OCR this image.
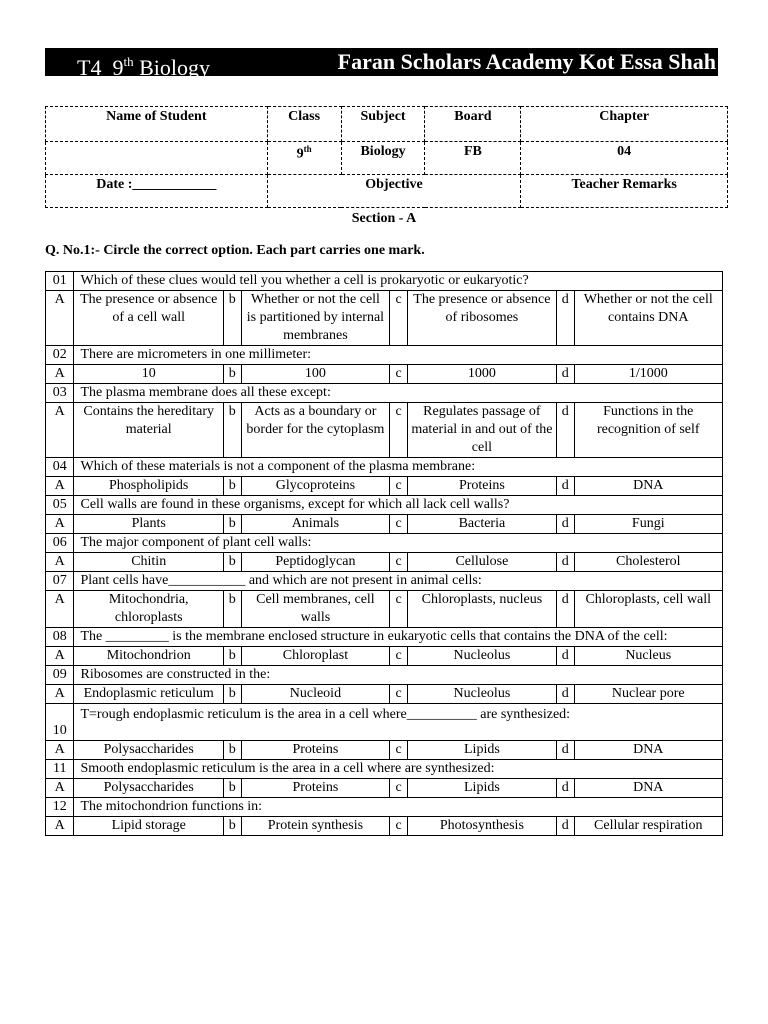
T4 9th Biology	Faran Scholars Academy Kot Essa Shah
Name of Student	Class	Subject	Board	Chapter
	9th	Biology	FB	04
Date :____________	Objective			Teacher Remarks
Section - A
Q. No.1:- Circle the correct option. Each part carries one mark.
01	Which of these clues would tell you whether a cell is prokaryotic or eukaryotic?						
A	The presence or absence of a cell wall	b	Whether or not the cell is partitioned by internal membranes	c	The presence or absence of ribosomes	d	Whether or not the cell contains DNA
02	There are micrometers in one millimeter:						
A	10	b	100	c	1000	d	1/1000
03	The plasma membrane does all these except:						
A	Contains the hereditary material	b	Acts as a boundary or border for the cytoplasm	c	Regulates passage of material in and out of the cell	d	Functions in the recognition of self
04	Which of these materials is not a component of the plasma membrane:						
A	Phospholipids	b	Glycoproteins	c	Proteins	d	DNA
05	Cell walls are found in these organisms, except for which all lack cell walls?						
A	Plants	b	Animals	c	Bacteria	d	Fungi
06	The major component of plant cell walls:						
A	Chitin	b	Peptidoglycan	c	Cellulose	d	Cholesterol
07	Plant cells have___________ and which are not present in animal cells:						
A	Mitochondria, chloroplasts	b	Cell membranes, cell walls	c	Chloroplasts, nucleus	d	Chloroplasts, cell wall
08	The _________ is the membrane enclosed structure in eukaryotic cells that contains the DNA of the cell:						
A	Mitochondrion	b	Chloroplast	c	Nucleolus	d	Nucleus
09	Ribosomes are constructed in the:						
A	Endoplasmic reticulum	b	Nucleoid	c	Nucleolus	d	Nuclear pore
10	T=rough endoplasmic reticulum is the area in a cell where__________ are synthesized:						
A	Polysaccharides	b	Proteins	c	Lipids	d	DNA
11	Smooth endoplasmic reticulum is the area in a cell where are synthesized:						
A	Polysaccharides	b	Proteins	c	Lipids	d	DNA
12	The mitochondrion functions in:						
A	Lipid storage	b	Protein synthesis	c	Photosynthesis	d	Cellular respiration
